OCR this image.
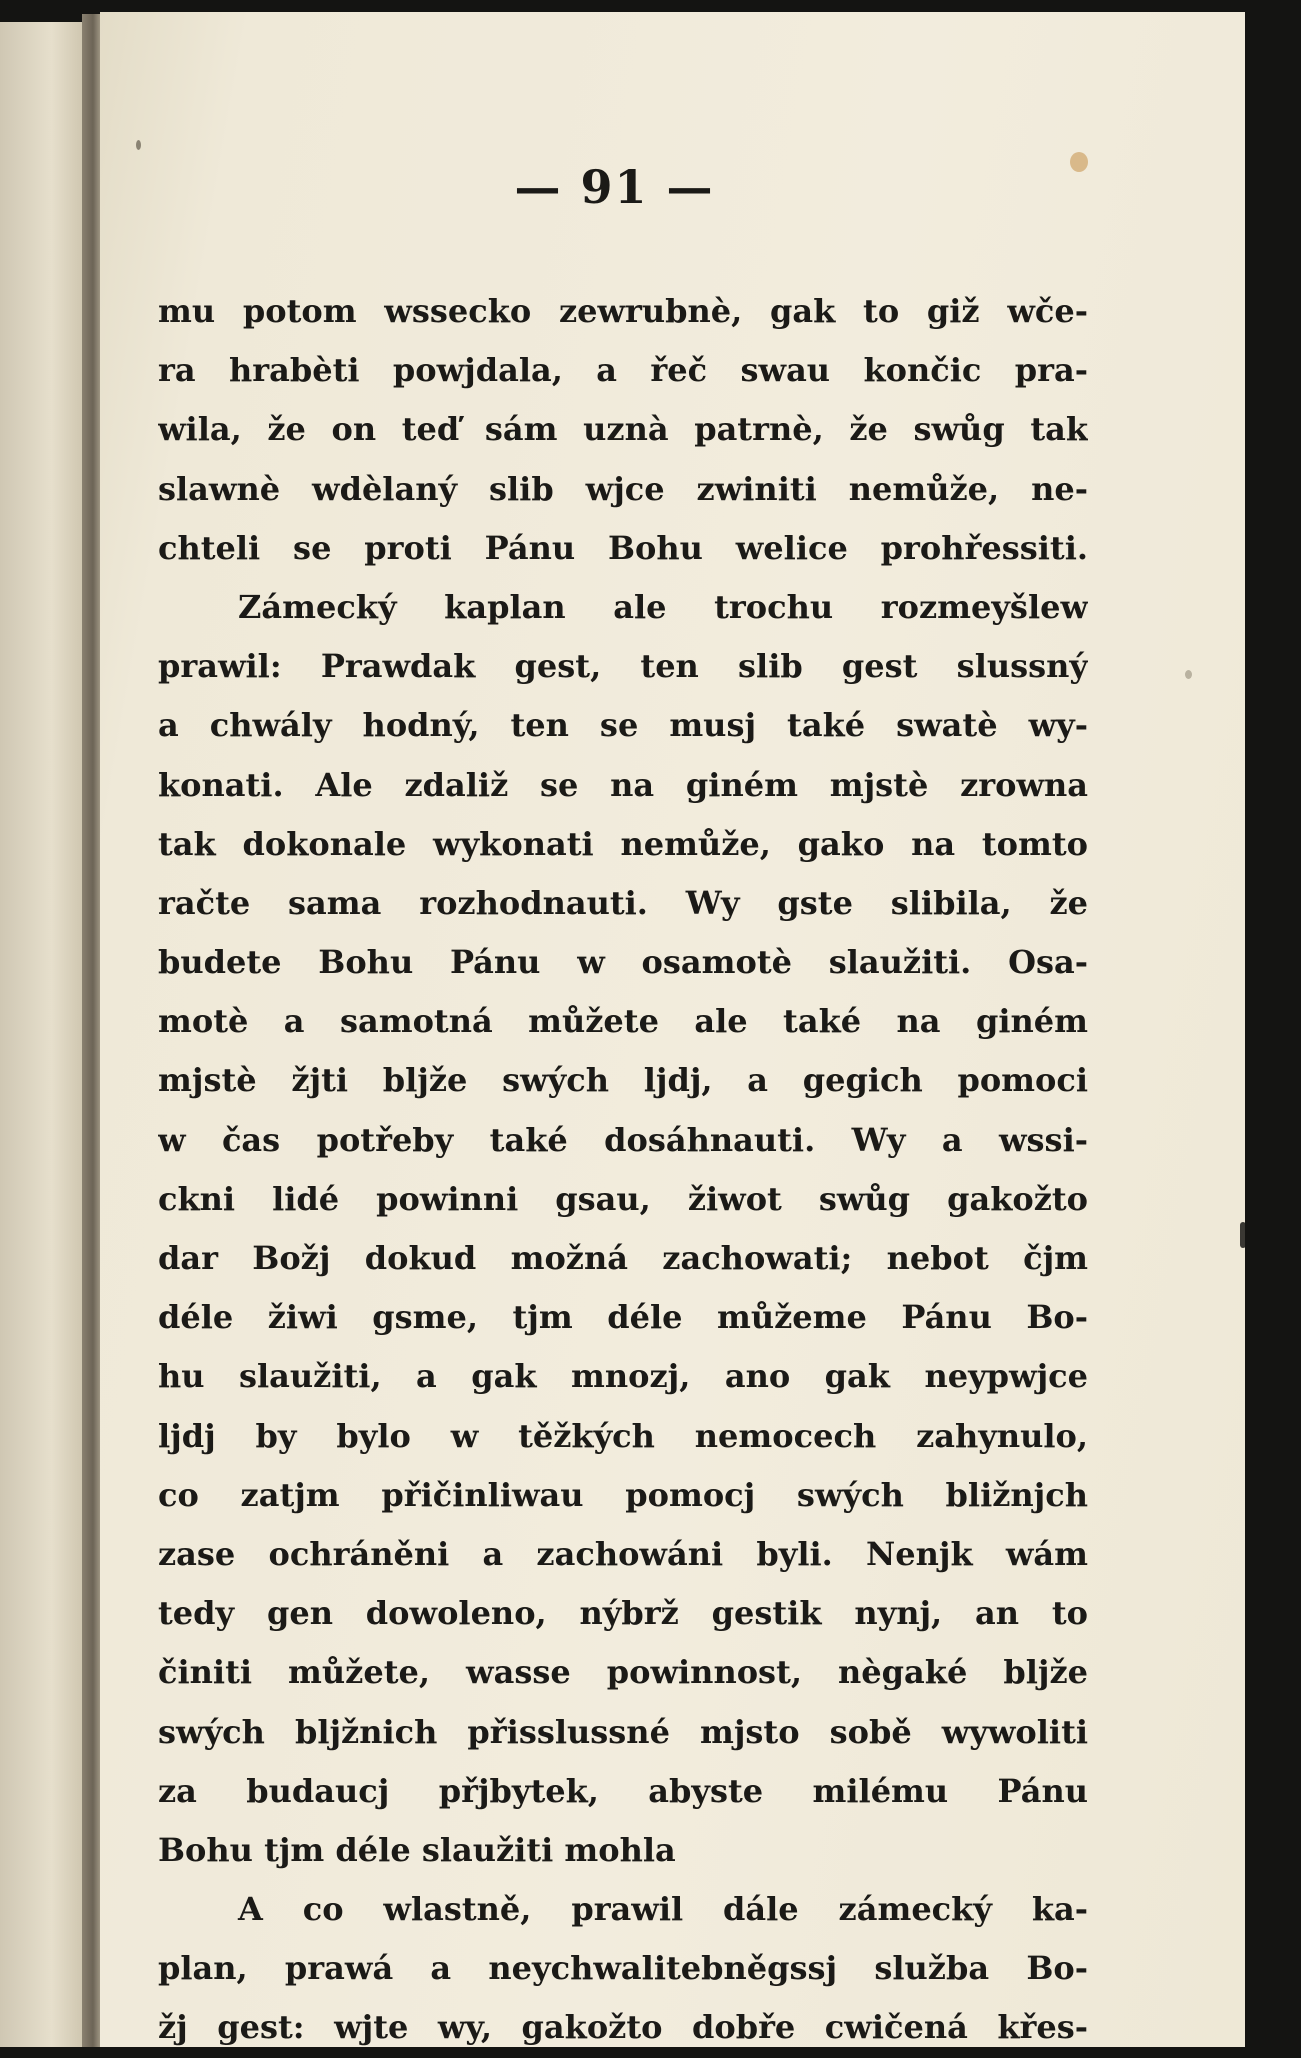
— 91 —
mu potom wssecko zewrubnè, gak to giž wče-
ra hrabèti powjdala, a řeč swau končic pra-
wila, že on teď sám uznà patrnè, že swůg tak
slawnè wdèlaný slib wjce zwiniti nemůže, ne-
chteli se proti Pánu Bohu welice prohřessiti.
Zámecký kaplan ale trochu rozmeyšlew
prawil: Prawdak gest, ten slib gest slussný
a chwály hodný, ten se musj také swatè wy-
konati. Ale zdaliž se na giném mjstè zrowna
tak dokonale wykonati nemůže, gako na tomto
račte sama rozhodnauti. Wy gste slibila, že
budete Bohu Pánu w osamotè slaužiti. Osa-
motè a samotná můžete ale také na giném
mjstè žjti bljže swých ljdj, a gegich pomoci
w čas potřeby také dosáhnauti. Wy a wssi-
ckni lidé powinni gsau, žiwot swůg gakožto
dar Božj dokud možná zachowati; nebot čjm
déle žiwi gsme, tjm déle můžeme Pánu Bo-
hu slaužiti, a gak mnozj, ano gak neypwjce
ljdj by bylo w těžkých nemocech zahynulo,
co zatjm přičinliwau pomocj swých bližnjch
zase ochráněni a zachowáni byli. Nenjk wám
tedy gen dowoleno, nýbrž gestik nynj, an to
činiti můžete, wasse powinnost, nègaké bljže
swých bljžnich přisslussné mjsto sobě wywoliti
za budaucj přjbytek, abyste milému Pánu
Bohu tjm déle slaužiti mohla
A co wlastně, prawil dále zámecký ka-
plan, prawá a neychwalitebněgssj služba Bo-
žj gest: wjte wy, gakožto dobře cwičená křes-
